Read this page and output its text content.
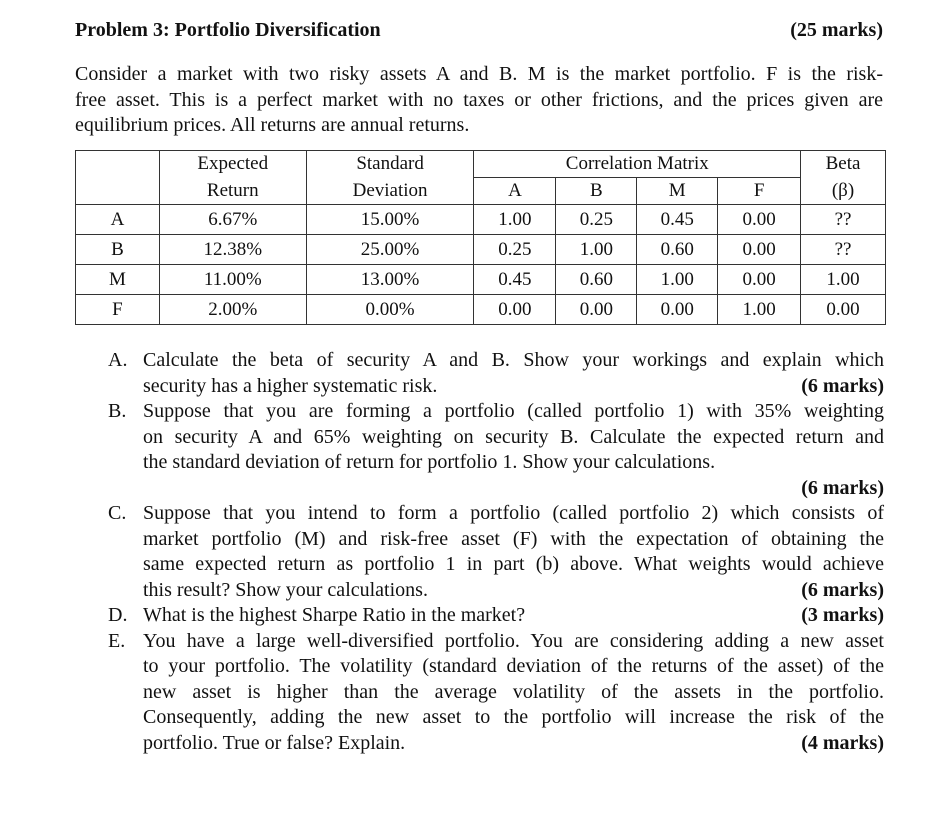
Problem 3: Portfolio Diversification	(25 marks)
Consider a market with two risky assets A and B. M is the market portfolio. F is the risk-
free asset. This is a perfect market with no taxes or other frictions, and the prices given are
equilibrium prices. All returns are annual returns.
	Expected	Standard	Correlation Matrix				Beta
	Return	Deviation	A	B	M	F	(β)
A	6.67%	15.00%	1.00	0.25	0.45	0.00	??
B	12.38%	25.00%	0.25	1.00	0.60	0.00	??
M	11.00%	13.00%	0.45	0.60	1.00	0.00	1.00
F	2.00%	0.00%	0.00	0.00	0.00	1.00	0.00
A. Calculate the beta of security A and B. Show your workings and explain which
security has a higher systematic risk.	(6 marks)
B. Suppose that you are forming a portfolio (called portfolio 1) with 35% weighting
on security A and 65% weighting on security B. Calculate the expected return and
the standard deviation of return for portfolio 1. Show your calculations.
(6 marks)
C. Suppose that you intend to form a portfolio (called portfolio 2) which consists of
market portfolio (M) and risk-free asset (F) with the expectation of obtaining the
same expected return as portfolio 1 in part (b) above. What weights would achieve
this result? Show your calculations.	(6 marks)
D. What is the highest Sharpe Ratio in the market?	(3 marks)
E. You have a large well-diversified portfolio. You are considering adding a new asset
to your portfolio. The volatility (standard deviation of the returns of the asset) of the
new asset is higher than the average volatility of the assets in the portfolio.
Consequently, adding the new asset to the portfolio will increase the risk of the
portfolio. True or false? Explain.	(4 marks)
